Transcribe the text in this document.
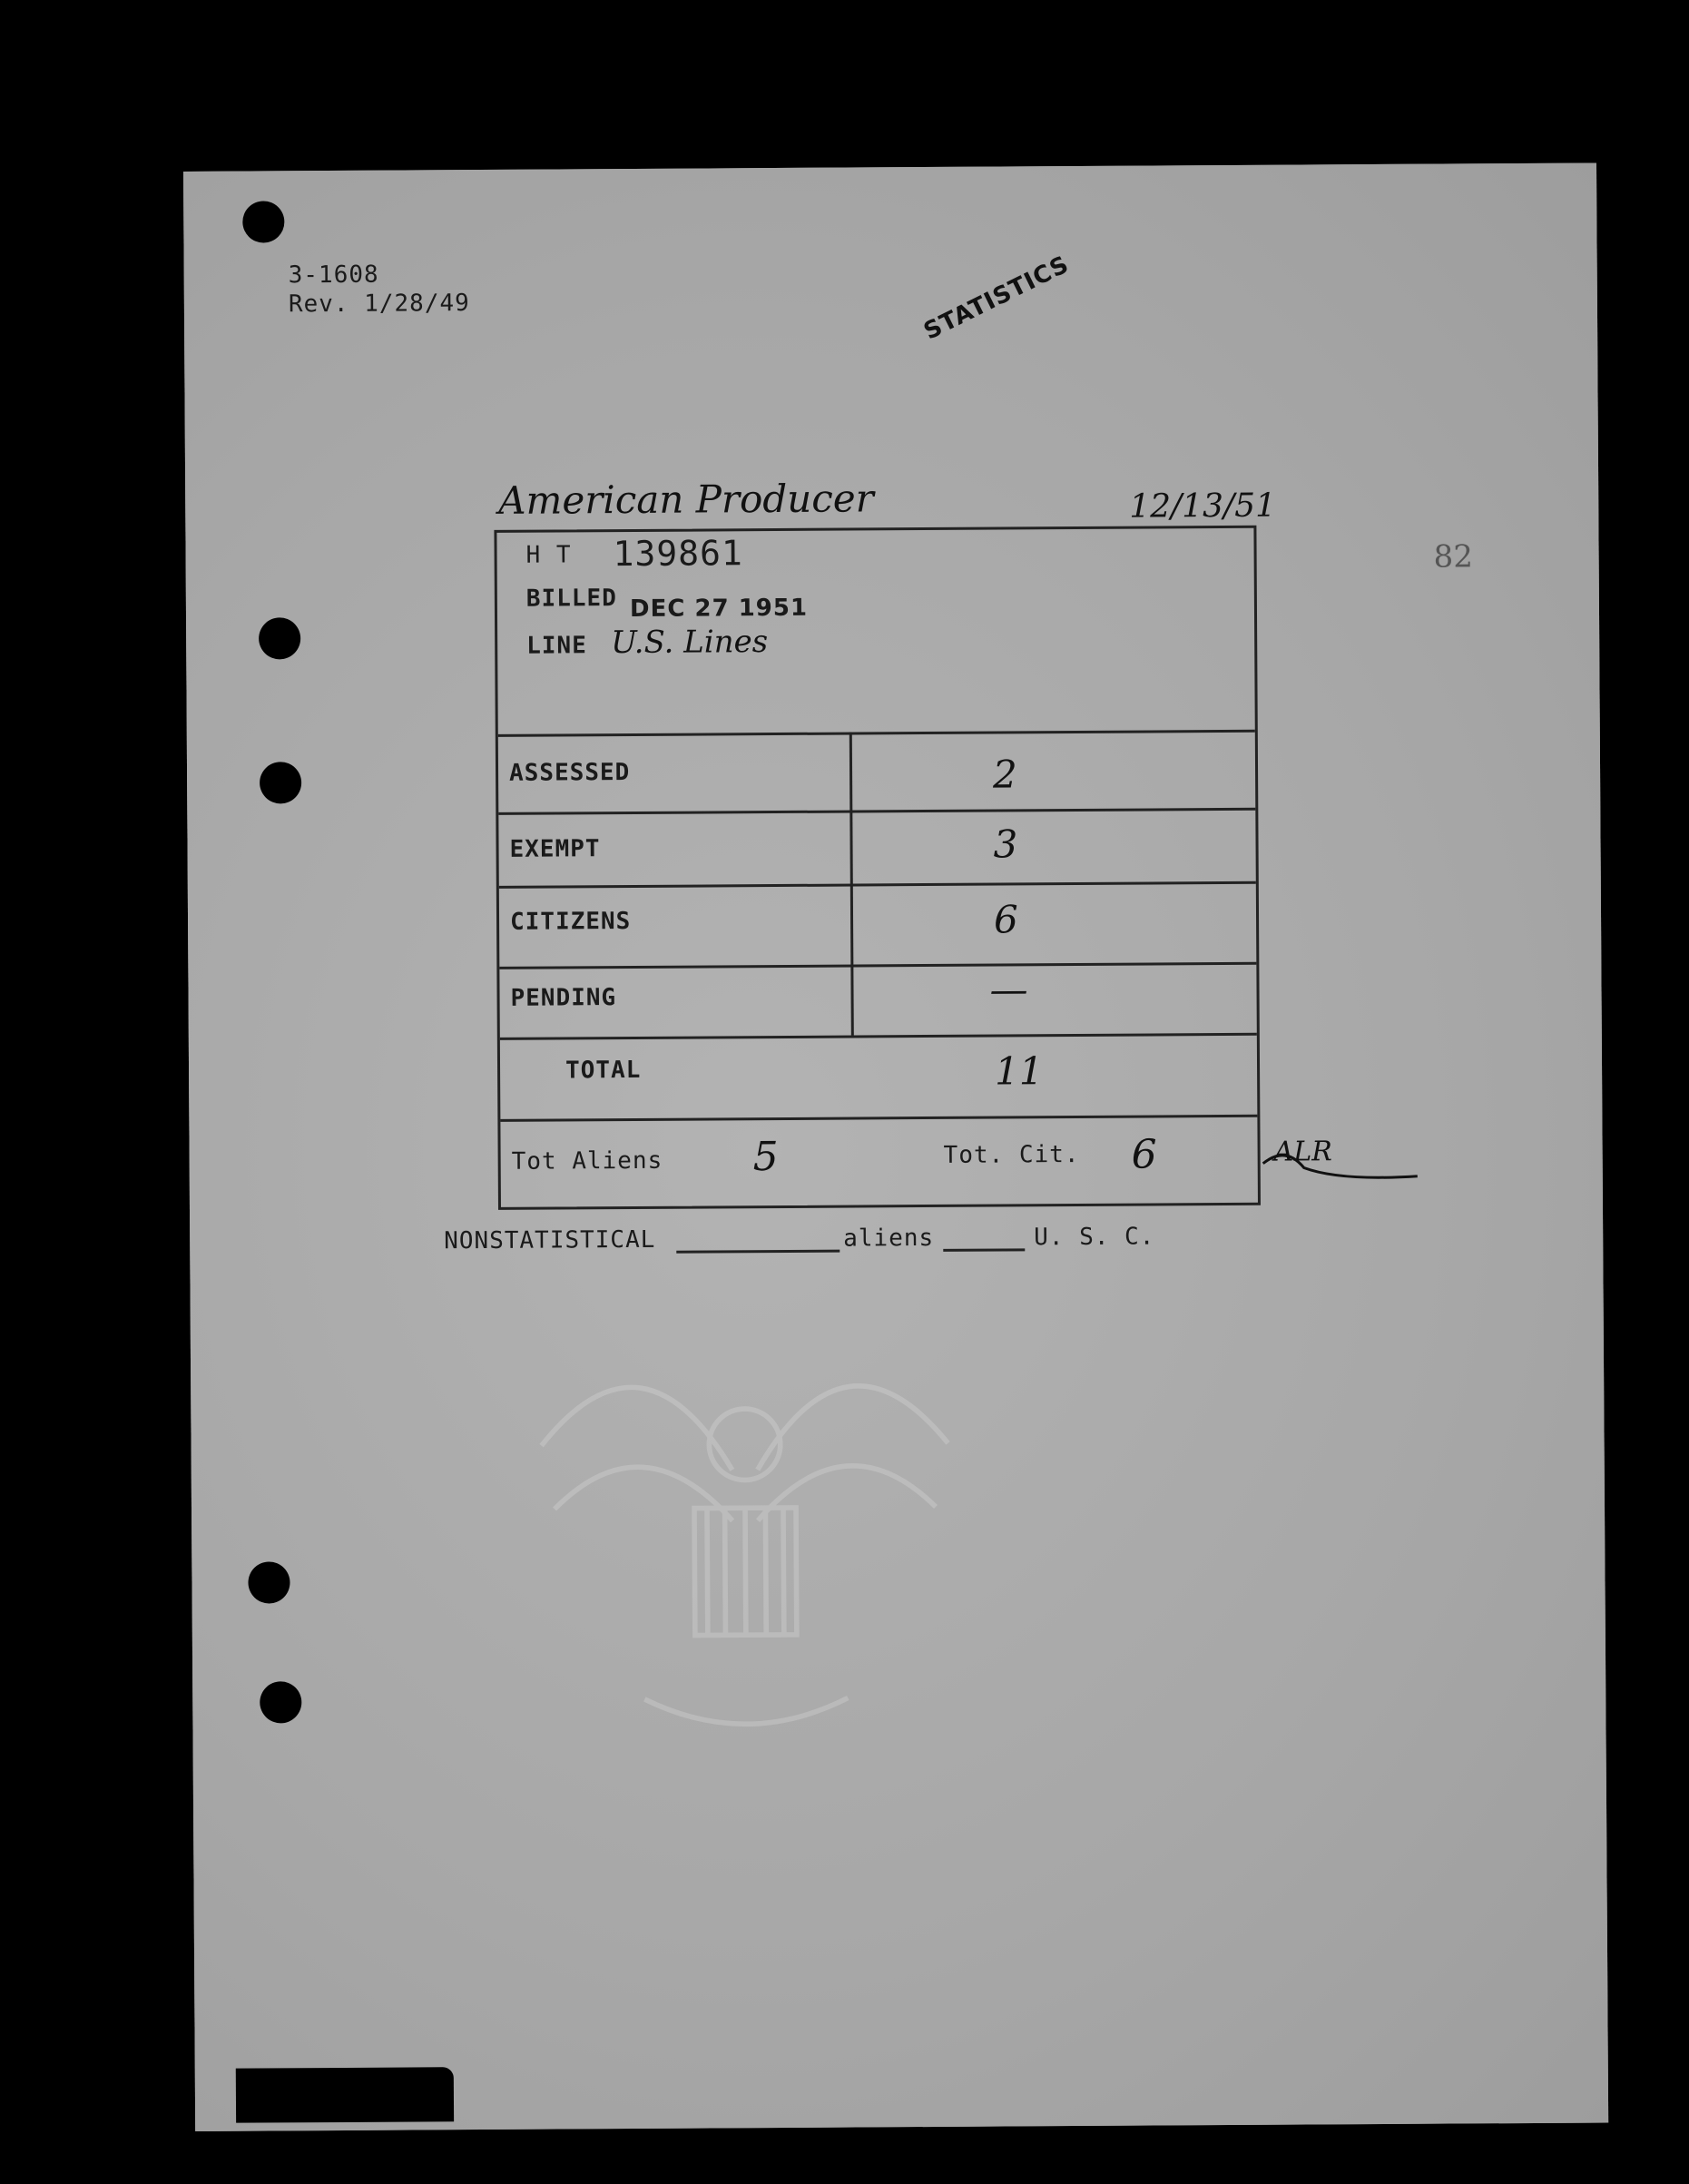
3-1608
Rev. 1/28/49	STATISTICS
American Producer	12/13/51
82
H T 139861
BILLED DEC 27 1951
LINE U.S. Lines
ASSESSED	2
EXEMPT	3
CITIZENS	6
PENDING	—
TOTAL	11
Tot Aliens 5	Tot. Cit. 6	ALR
NONSTATISTICAL	aliens	U. S. C.
